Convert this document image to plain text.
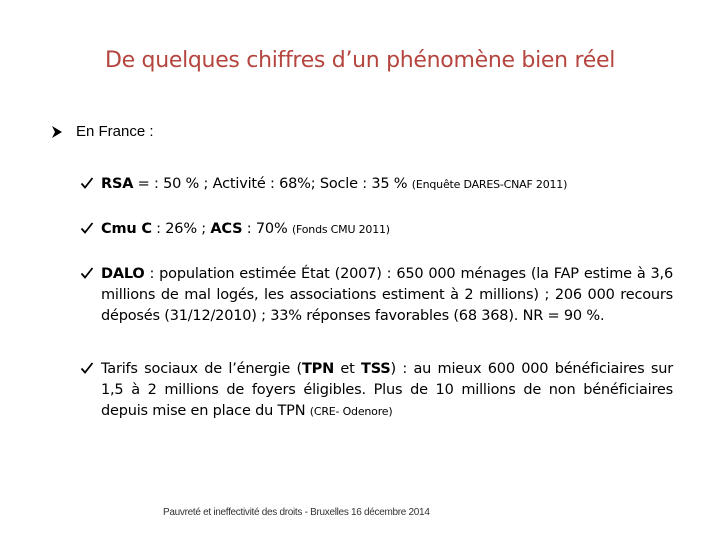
De quelques chiffres d’un phénomène bien réel
En France :
RSA = : 50 % ; Activité : 68%; Socle : 35 % (Enquête DARES-CNAF 2011)
Cmu C : 26% ; ACS : 70% (Fonds CMU 2011)
DALO : population estimée État (2007) : 650 000 ménages (la FAP estime à 3,6 millions de mal logés, les associations estiment à 2 millions) ; 206 000 recours déposés (31/12/2010) ; 33% réponses favorables (68 368). NR = 90 %.
Tarifs sociaux de l’énergie (TPN et TSS) : au mieux 600 000 bénéficiaires sur 1,5 à 2 millions de foyers éligibles. Plus de 10 millions de non bénéficiaires depuis mise en place du TPN (CRE- Odenore)
Pauvreté et ineffectivité des droits - Bruxelles 16 décembre 2014
